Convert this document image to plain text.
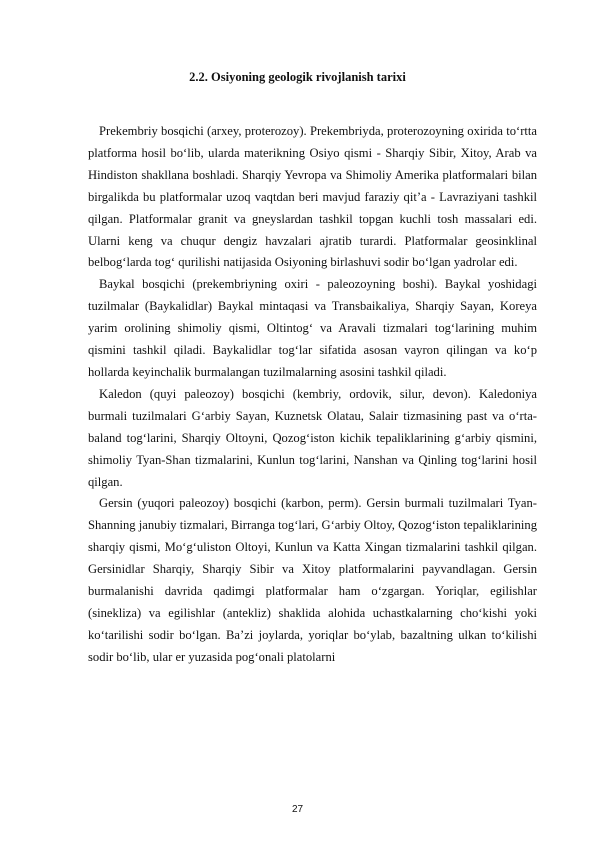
2.2. Osiyoning geologik rivojlanish tarixi

Prekembriy bosqichi (arxey, proterozoy). Prekembriyda, proterozoyning oxirida toʻrtta platforma hosil boʻlib, ularda materikning Osiyo qismi - Sharqiy Sibir, Xitoy, Arab va Hindiston shakllana boshladi. Sharqiy Yevropa va Shimoliy Amerika platformalari bilan birgalikda bu platformalar uzoq vaqtdan beri mavjud faraziy qit’a - Lavraziyani tashkil qilgan. Platformalar granit va gneyslardan tashkil topgan kuchli tosh massalari edi. Ularni keng va chuqur dengiz havzalari ajratib turardi. Platformalar geosinklinal belbogʻlarda togʻ qurilishi natijasida Osiyoning birlashuvi sodir boʻlgan yadrolar edi.

Baykal bosqichi (prekembriyning oxiri - paleozoyning boshi). Baykal yoshidagi tuzilmalar (Baykalidlar) Baykal mintaqasi va Transbaikaliya, Sharqiy Sayan, Koreya yarim orolining shimoliy qismi, Oltintogʻ va Aravali tizmalari togʻlarining muhim qismini tashkil qiladi. Baykalidlar togʻlar sifatida asosan vayron qilingan va koʻp hollarda keyinchalik burmalangan tuzilmalarning asosini tashkil qiladi.

Kaledon (quyi paleozoy) bosqichi (kembriy, ordovik, silur, devon). Kaledoniya burmali tuzilmalari Gʻarbiy Sayan, Kuznetsk Olatau, Salair tizmasining past va oʻrta-baland togʻlarini, Sharqiy Oltoyni, Qozogʻiston kichik tepaliklarining gʻarbiy qismini, shimoliy Tyan-Shan tizmalarini, Kunlun togʻlarini, Nanshan va Qinling togʻlarini hosil qilgan.

Gersin (yuqori paleozoy) bosqichi (karbon, perm). Gersin burmali tuzilmalari Tyan-Shanning janubiy tizmalari, Birranga togʻlari, Gʻarbiy Oltoy, Qozogʻiston tepaliklarining sharqiy qismi, Moʻgʻuliston Oltoyi, Kunlun va Katta Xingan tizmalarini tashkil qilgan. Gersinidlar Sharqiy, Sharqiy Sibir va Xitoy platformalarini payvandlagan. Gersin burmalanishi davrida qadimgi platformalar ham oʻzgargan. Yoriqlar, egilishlar (sinekliza) va egilishlar (antekliz) shaklida alohida uchastkalarning choʻkishi yoki koʻtarilishi sodir boʻlgan. Ba’zi joylarda, yoriqlar boʻylab, bazaltning ulkan toʻkilishi sodir boʻlib, ular er yuzasida pogʻonali platolarni

27
